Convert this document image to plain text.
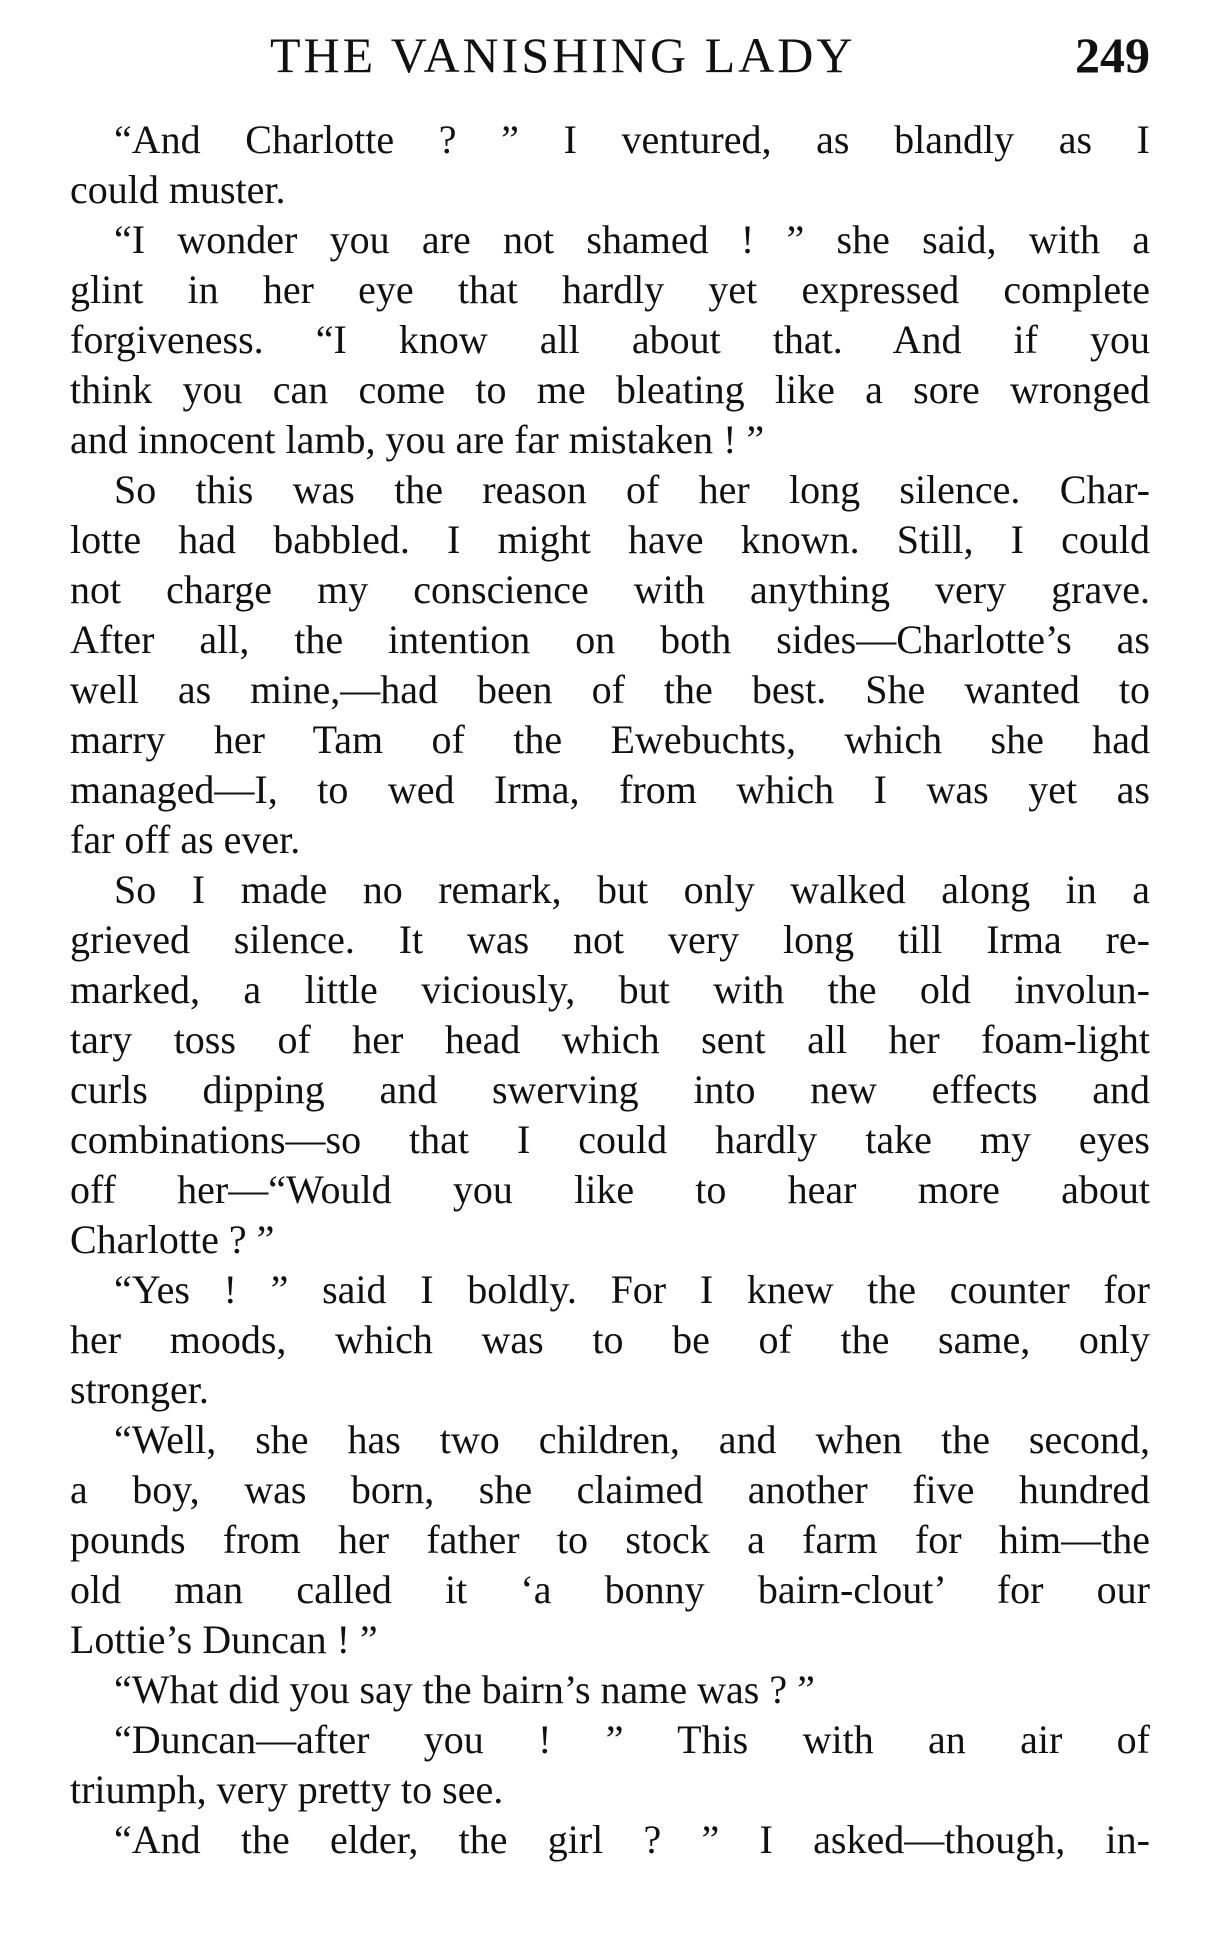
THE VANISHING LADY	249
“And Charlotte ? ” I ventured, as blandly as I
could muster.
“I wonder you are not shamed ! ” she said, with a
glint in her eye that hardly yet expressed complete
forgiveness. “I know all about that. And if you
think you can come to me bleating like a sore wronged
and innocent lamb, you are far mistaken ! ”
So this was the reason of her long silence. Char-
lotte had babbled. I might have known. Still, I could
not charge my conscience with anything very grave.
After all, the intention on both sides—Charlotte’s as
well as mine,—had been of the best. She wanted to
marry her Tam of the Ewebuchts, which she had
managed—I, to wed Irma, from which I was yet as
far off as ever.
So I made no remark, but only walked along in a
grieved silence. It was not very long till Irma re-
marked, a little viciously, but with the old involun-
tary toss of her head which sent all her foam-light
curls dipping and swerving into new effects and
combinations—so that I could hardly take my eyes
off her—“Would you like to hear more about
Charlotte ? ”
“Yes ! ” said I boldly. For I knew the counter for
her moods, which was to be of the same, only
stronger.
“Well, she has two children, and when the second,
a boy, was born, she claimed another five hundred
pounds from her father to stock a farm for him—the
old man called it ‘a bonny bairn-clout’ for our
Lottie’s Duncan ! ”
“What did you say the bairn’s name was ? ”
“Duncan—after you ! ” This with an air of
triumph, very pretty to see.
“And the elder, the girl ? ” I asked—though, in-
